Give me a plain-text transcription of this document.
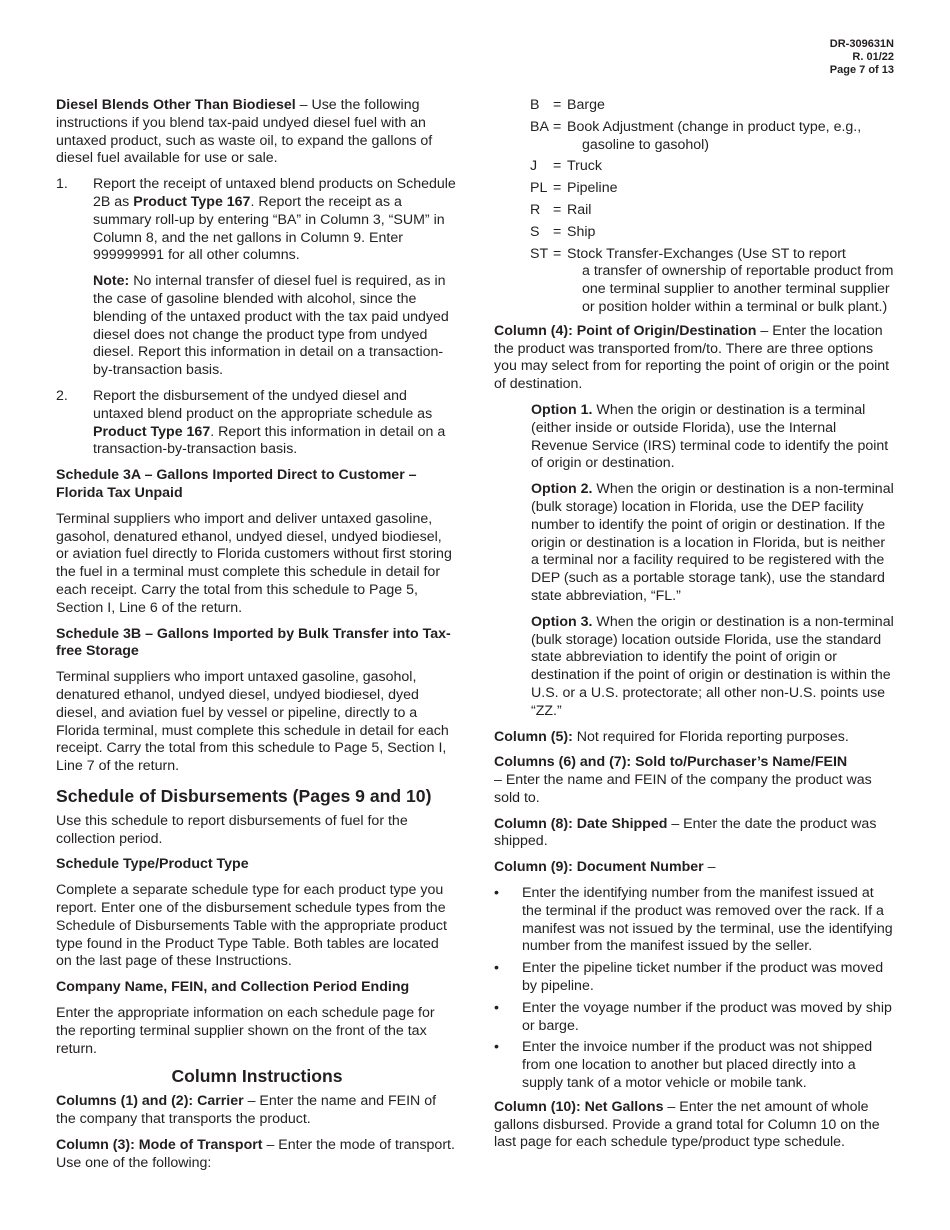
DR-309631N
R. 01/22
Page 7 of 13

Diesel Blends Other Than Biodiesel – Use the following instructions if you blend tax-paid undyed diesel fuel with an untaxed product, such as waste oil, to expand the gallons of diesel fuel available for use or sale.

1.	Report the receipt of untaxed blend products on Schedule 2B as Product Type 167. Report the receipt as a summary roll-up by entering “BA” in Column 3, “SUM” in Column 8, and the net gallons in Column 9. Enter 999999991 for all other columns.

Note: No internal transfer of diesel fuel is required, as in the case of gasoline blended with alcohol, since the blending of the untaxed product with the tax paid undyed diesel does not change the product type from undyed diesel. Report this information in detail on a transaction-by-transaction basis.

2.	Report the disbursement of the undyed diesel and untaxed blend product on the appropriate schedule as Product Type 167. Report this information in detail on a transaction-by-transaction basis.
Schedule 3A – Gallons Imported Direct to Customer – Florida Tax Unpaid

Terminal suppliers who import and deliver untaxed gasoline, gasohol, denatured ethanol, undyed diesel, undyed biodiesel, or aviation fuel directly to Florida customers without first storing the fuel in a terminal must complete this schedule in detail for each receipt. Carry the total from this schedule to Page 5, Section I, Line 6 of the return.

Schedule 3B – Gallons Imported by Bulk Transfer into Tax-free Storage

Terminal suppliers who import untaxed gasoline, gasohol, denatured ethanol, undyed diesel, undyed biodiesel, dyed diesel, and aviation fuel by vessel or pipeline, directly to a Florida terminal, must complete this schedule in detail for each receipt. Carry the total from this schedule to Page 5, Section I, Line 7 of the return.

Schedule of Disbursements (Pages 9 and 10)

Use this schedule to report disbursements of fuel for the collection period.

Schedule Type/Product Type

Complete a separate schedule type for each product type you report. Enter one of the disbursement schedule types from the Schedule of Disbursements Table with the appropriate product type found in the Product Type Table. Both tables are located on the last page of these Instructions.

Company Name, FEIN, and Collection Period Ending

Enter the appropriate information on each schedule page for the reporting terminal supplier shown on the front of the tax return.

Column Instructions

Columns (1) and (2): Carrier – Enter the name and FEIN of the company that transports the product.

Column (3): Mode of Transport – Enter the mode of transport. Use one of the following:

B = Barge
BA = Book Adjustment (change in product type, e.g.,
gasoline to gasohol)
J	= Truck
PL = Pipeline
R = Rail
S = Ship
ST = Stock Transfer-Exchanges (Use ST to report
a transfer of ownership of reportable product from one terminal supplier to another terminal supplier or position holder within a terminal or bulk plant.)

Column (4): Point of Origin/Destination – Enter the location the product was transported from/to. There are three options you may select from for reporting the point of origin or the point of destination.

Option 1. When the origin or destination is a terminal (either inside or outside Florida), use the Internal Revenue Service (IRS) terminal code to identify the point of origin or destination.

Option 2. When the origin or destination is a non-terminal (bulk storage) location in Florida, use the DEP facility number to identify the point of origin or destination. If the origin or destination is a location in Florida, but is neither a terminal nor a facility required to be registered with the DEP (such as a portable storage tank), use the standard state abbreviation, “FL.”

Option 3. When the origin or destination is a non-terminal (bulk storage) location outside Florida, use the standard state abbreviation to identify the point of origin or destination if the point of origin or destination is within the U.S. or a U.S. protectorate; all other non-U.S. points use “ZZ.”

Column (5): Not required for Florida reporting purposes.

Columns (6) and (7): Sold to/Purchaser’s Name/FEIN
– Enter the name and FEIN of the company the product was sold to.

Column (8): Date Shipped – Enter the date the product was shipped.

Column (9): Document Number –

•	Enter the identifying number from the manifest issued at the terminal if the product was removed over the rack. If a manifest was not issued by the terminal, use the identifying number from the manifest issued by the seller.
•	Enter the pipeline ticket number if the product was moved by pipeline.
•	Enter the voyage number if the product was moved by ship or barge.
•	Enter the invoice number if the product was not shipped from one location to another but placed directly into a supply tank of a motor vehicle or mobile tank.

Column (10): Net Gallons – Enter the net amount of whole gallons disbursed. Provide a grand total for Column 10 on the last page for each schedule type/product type schedule.
